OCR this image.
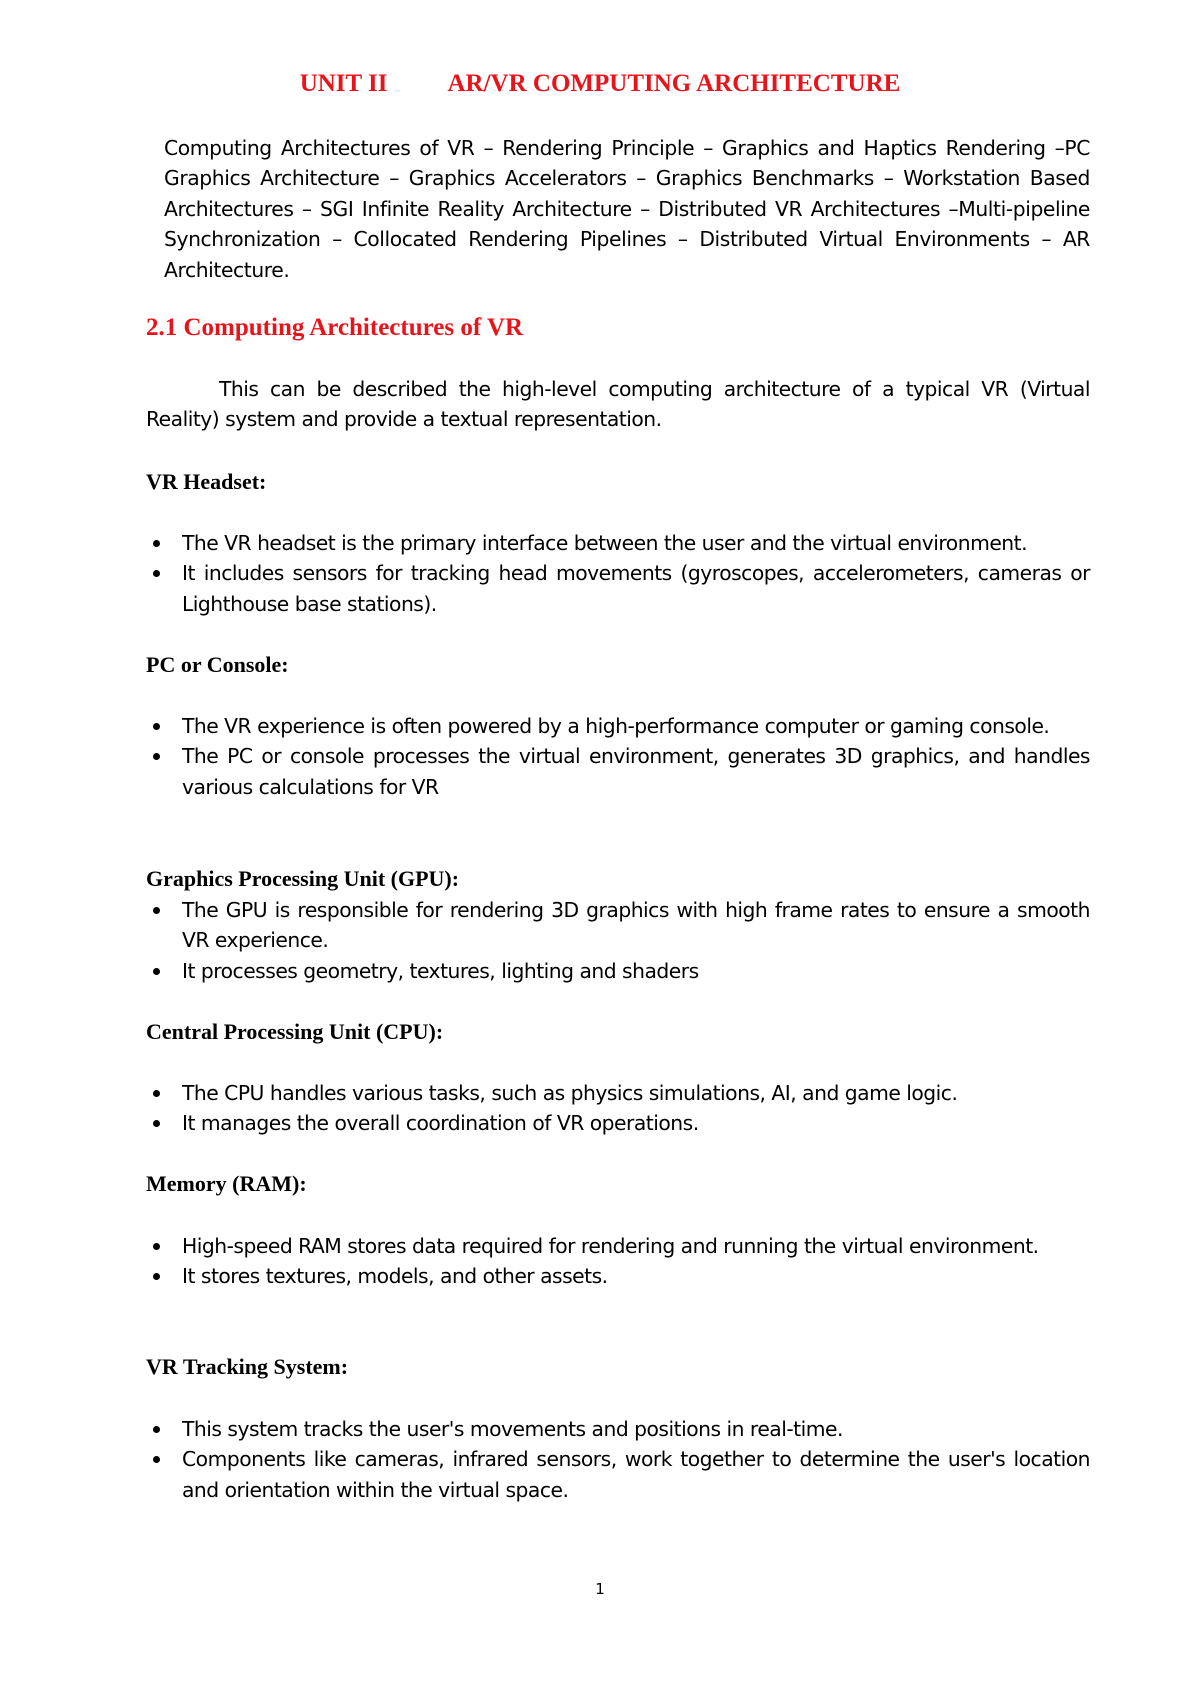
UNIT II AR/VR COMPUTING ARCHITECTURE

Computing Architectures of VR – Rendering Principle – Graphics and Haptics Rendering –PC Graphics Architecture – Graphics Accelerators – Graphics Benchmarks – Workstation Based Architectures – SGI Infinite Reality Architecture – Distributed VR Architectures –Multi-pipeline Synchronization – Collocated Rendering Pipelines – Distributed Virtual Environments – AR Architecture.

2.1 Computing Architectures of VR

This can be described the high-level computing architecture of a typical VR (Virtual Reality) system and provide a textual representation.

VR Headset:
The VR headset is the primary interface between the user and the virtual environment.
It includes sensors for tracking head movements (gyroscopes, accelerometers, cameras or Lighthouse base stations).
PC or Console:
The VR experience is often powered by a high-performance computer or gaming console.
The PC or console processes the virtual environment, generates 3D graphics, and handles various calculations for VR
Graphics Processing Unit (GPU):
The GPU is responsible for rendering 3D graphics with high frame rates to ensure a smooth VR experience.
It processes geometry, textures, lighting and shaders
Central Processing Unit (CPU):
The CPU handles various tasks, such as physics simulations, AI, and game logic.
It manages the overall coordination of VR operations.
Memory (RAM):
High-speed RAM stores data required for rendering and running the virtual environment.
It stores textures, models, and other assets.
VR Tracking System:
This system tracks the user's movements and positions in real-time.
Components like cameras, infrared sensors, work together to determine the user's location and orientation within the virtual space.

1
